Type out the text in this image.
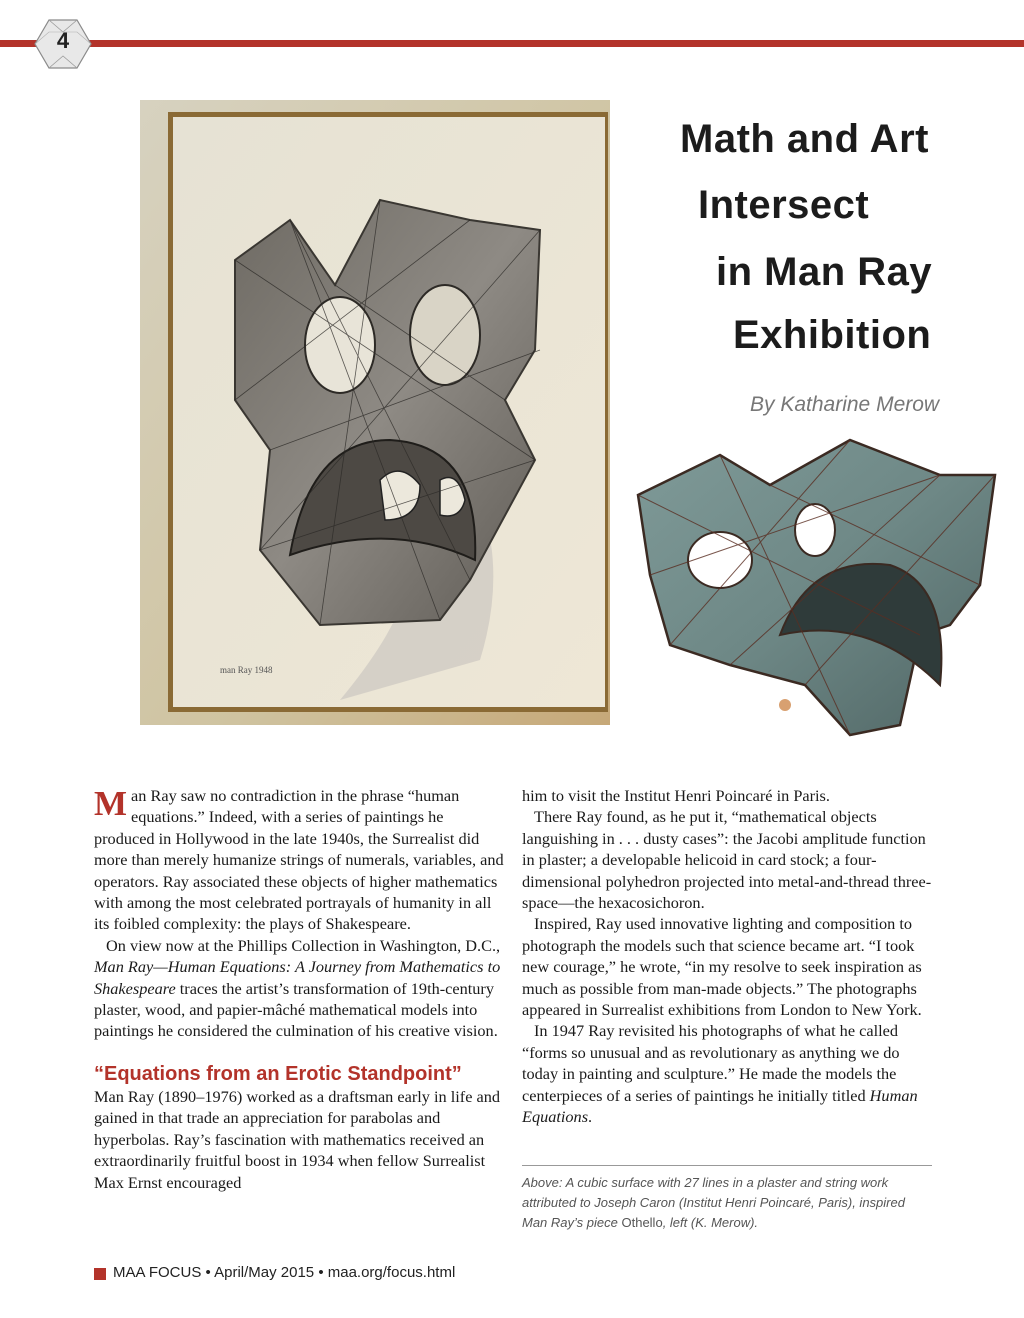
4
man Ray 1948
Math and Art
Intersect
in Man Ray
Exhibition
By Katharine Merow

Man Ray saw no contradiction in the phrase “human equations.” Indeed, with a series of paintings he produced in Hollywood in the late 1940s, the Surrealist did more than merely humanize strings of numerals, variables, and operators. Ray associated these objects of higher mathematics with among the most celebrated portrayals of humanity in all its foibled complexity: the plays of Shakespeare.

On view now at the Phillips Collection in Washington, D.C., Man Ray—Human Equations: A Journey from Mathematics to Shakespeare traces the artist’s transformation of 19th-century plaster, wood, and papier-mâché mathematical models into paintings he considered the culmination of his creative vision.

“Equations from an Erotic Standpoint”

Man Ray (1890–1976) worked as a draftsman early in life and gained in that trade an appreciation for parabolas and hyperbolas. Ray’s fascination with mathematics received an extraordinarily fruitful boost in 1934 when fellow Surrealist Max Ernst encouraged

him to visit the Institut Henri Poincaré in Paris.

There Ray found, as he put it, “mathematical objects languishing in . . . dusty cases”: the Jacobi amplitude function in plaster; a developable helicoid in card stock; a four-dimensional polyhedron projected into metal-and-thread three-space—the hexacosichoron.

Inspired, Ray used innovative lighting and composition to photograph the models such that science became art. “I took new courage,” he wrote, “in my resolve to seek inspiration as much as possible from man-made objects.” The photographs appeared in Surrealist exhibitions from London to New York.

In 1947 Ray revisited his photographs of what he called “forms so unusual and as revolutionary as anything we do today in painting and sculpture.” He made the models the centerpieces of a series of paintings he initially titled Human Equations.

Above: A cubic surface with 27 lines in a plaster and string work attributed to Joseph Caron (Institut Henri Poincaré, Paris), inspired Man Ray’s piece Othello, left (K. Merow).
MAA FOCUS • April/May 2015 • maa.org/focus.html
